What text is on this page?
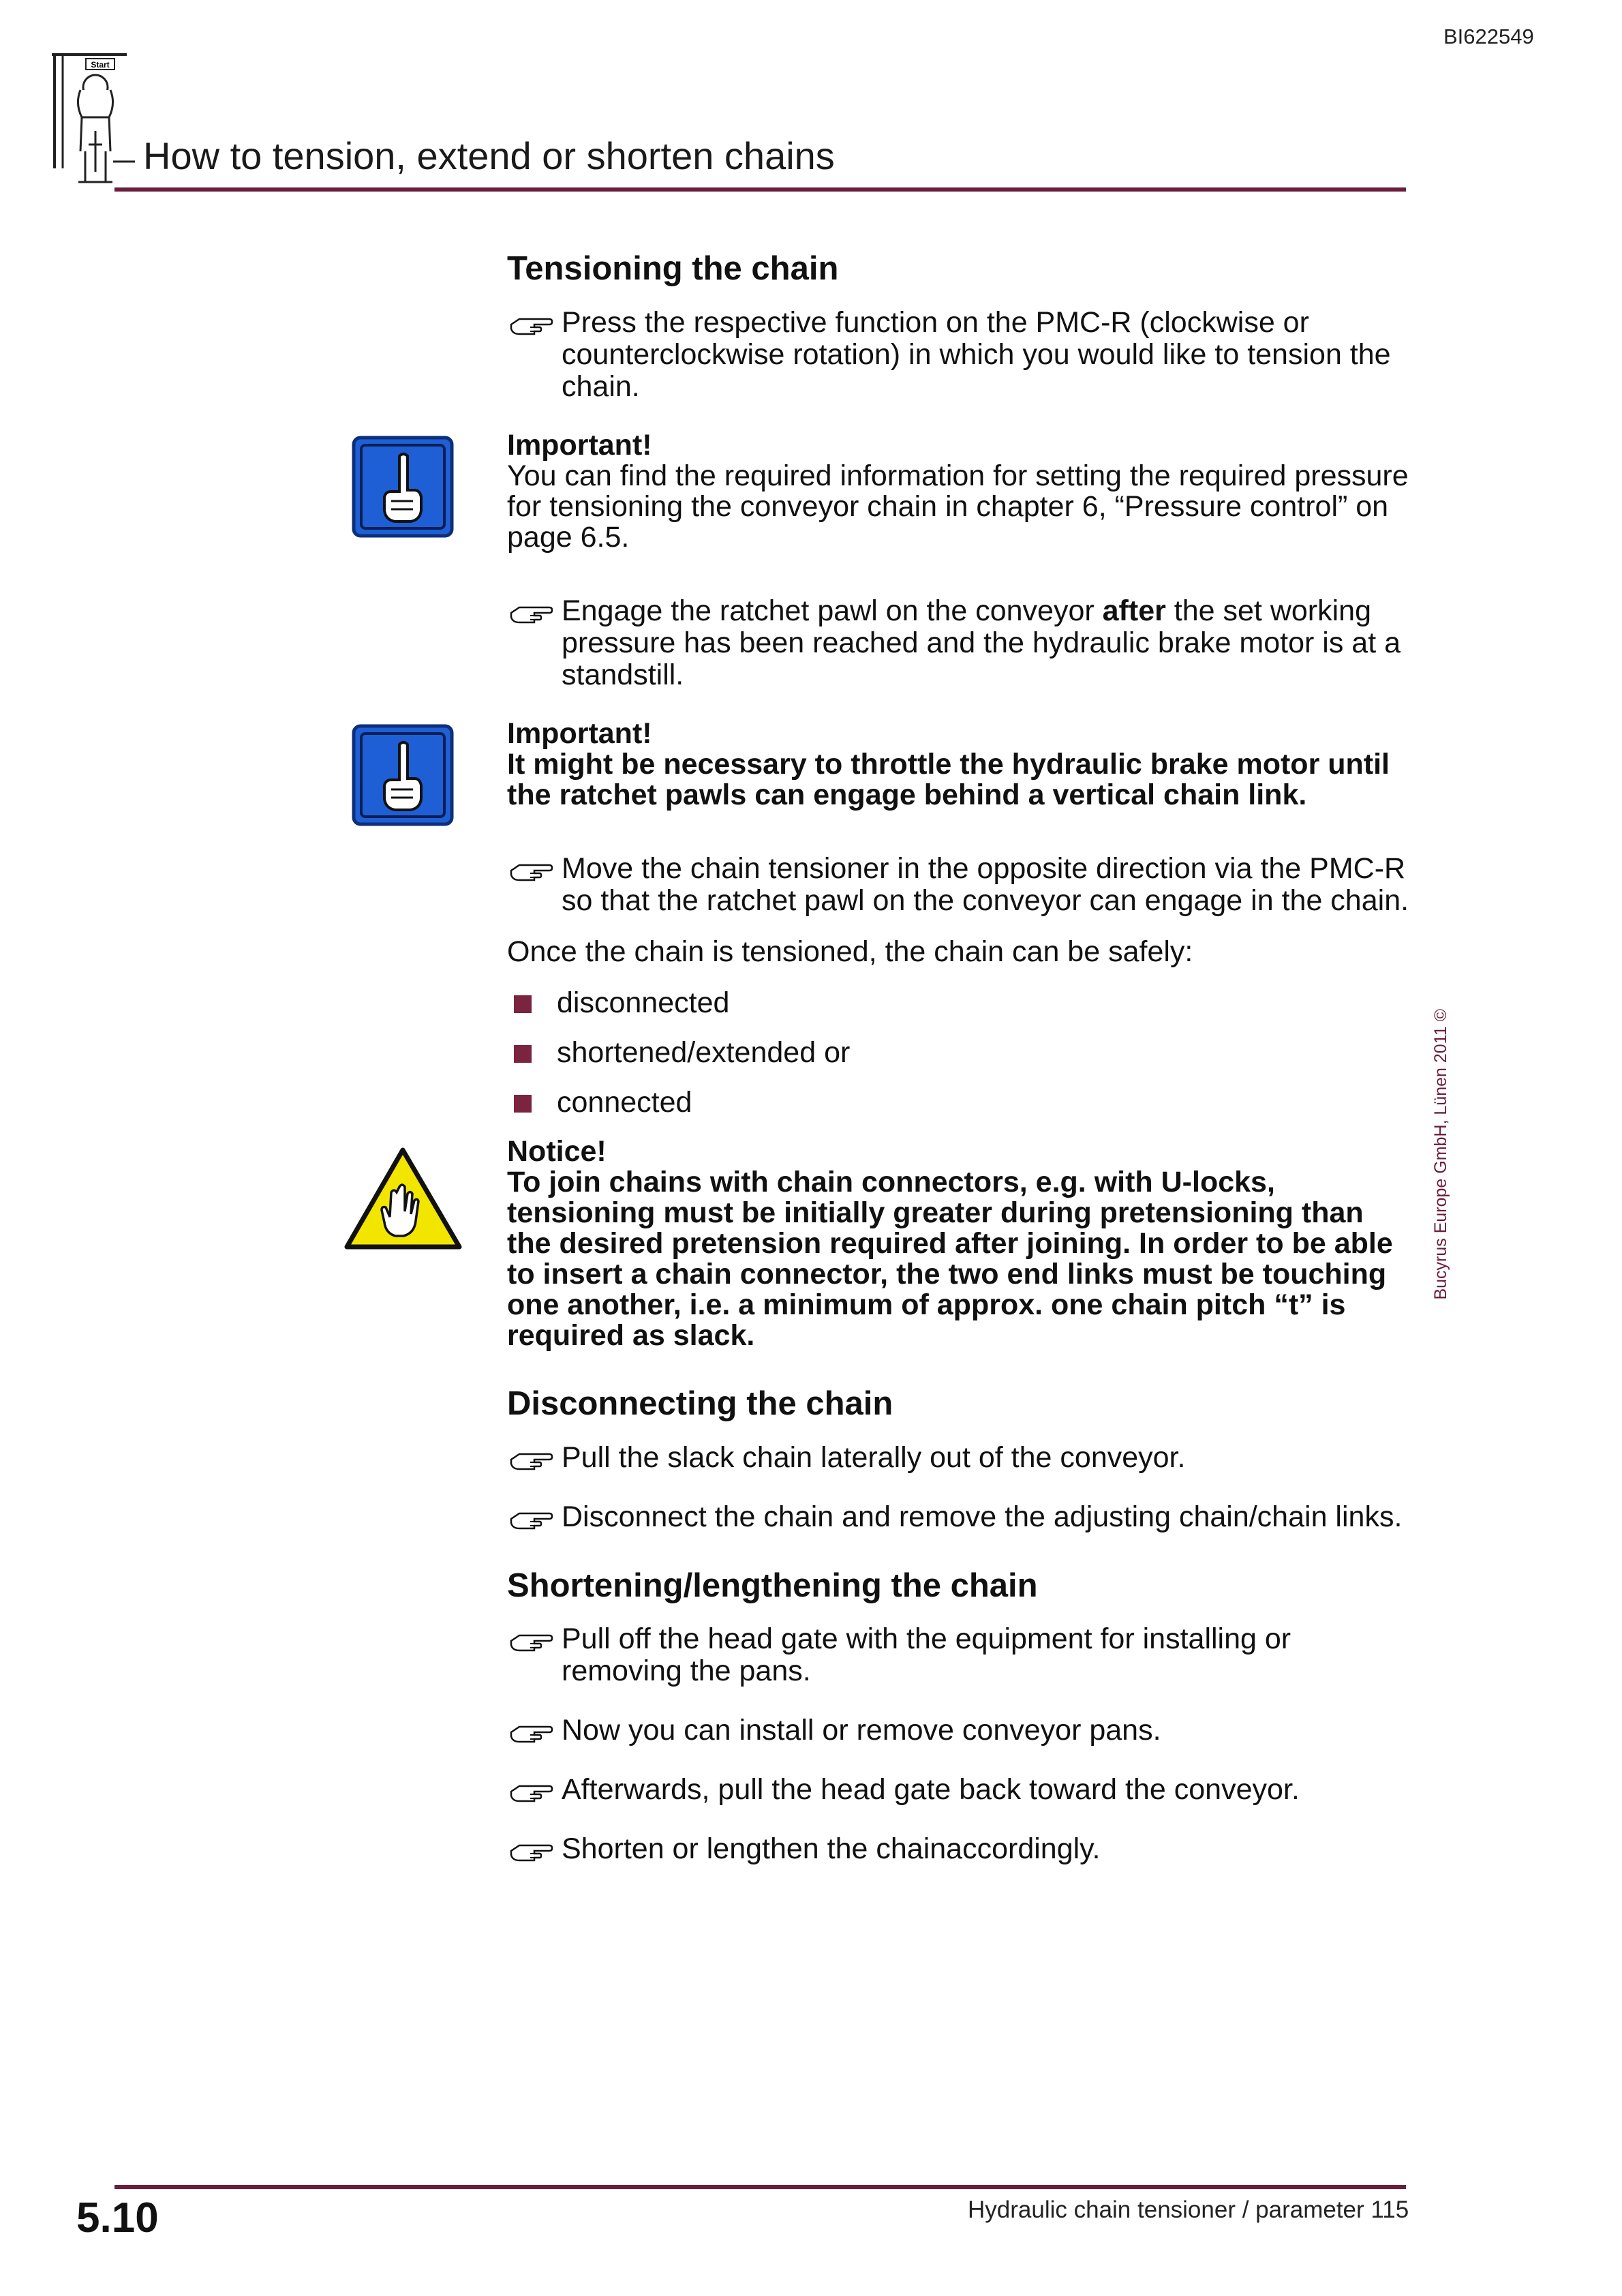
BI622549
Start
How to tension, extend or shorten chains
Bucyrus Europe GmbH, Lünen 2011 ©
Tensioning the chain
Press the respective function on the PMC-R (clockwise or counterclockwise rotation) in which you would like to tension the chain.
Important!
You can find the required information for setting the required pressure for tensioning the conveyor chain in chapter 6, “Pressure control” on page 6.5.
Engage the ratchet pawl on the conveyor after the set working pressure has been reached and the hydraulic brake motor is at a standstill.
Important!
It might be necessary to throttle the hydraulic brake motor until the ratchet pawls can engage behind a vertical chain link.
Move the chain tensioner in the opposite direction via the PMC-R so that the ratchet pawl on the conveyor can engage in the chain.
Once the chain is tensioned, the chain can be safely:
disconnected
shortened/extended or
connected
Notice!
To join chains with chain connectors, e.g. with U-locks, tensioning must be initially greater during pretensioning than the desired pretension required after joining. In order to be able to insert a chain connector, the two end links must be touching one another, i.e. a minimum of approx. one chain pitch “t” is required as slack.
Disconnecting the chain
Pull the slack chain laterally out of the conveyor.
Disconnect the chain and remove the adjusting chain/chain links.
Shortening/lengthening the chain
Pull off the head gate with the equipment for installing or removing the pans.
Now you can install or remove conveyor pans.
Afterwards, pull the head gate back toward the conveyor.
Shorten or lengthen the chainaccordingly.
5.10	Hydraulic chain tensioner / parameter 115
